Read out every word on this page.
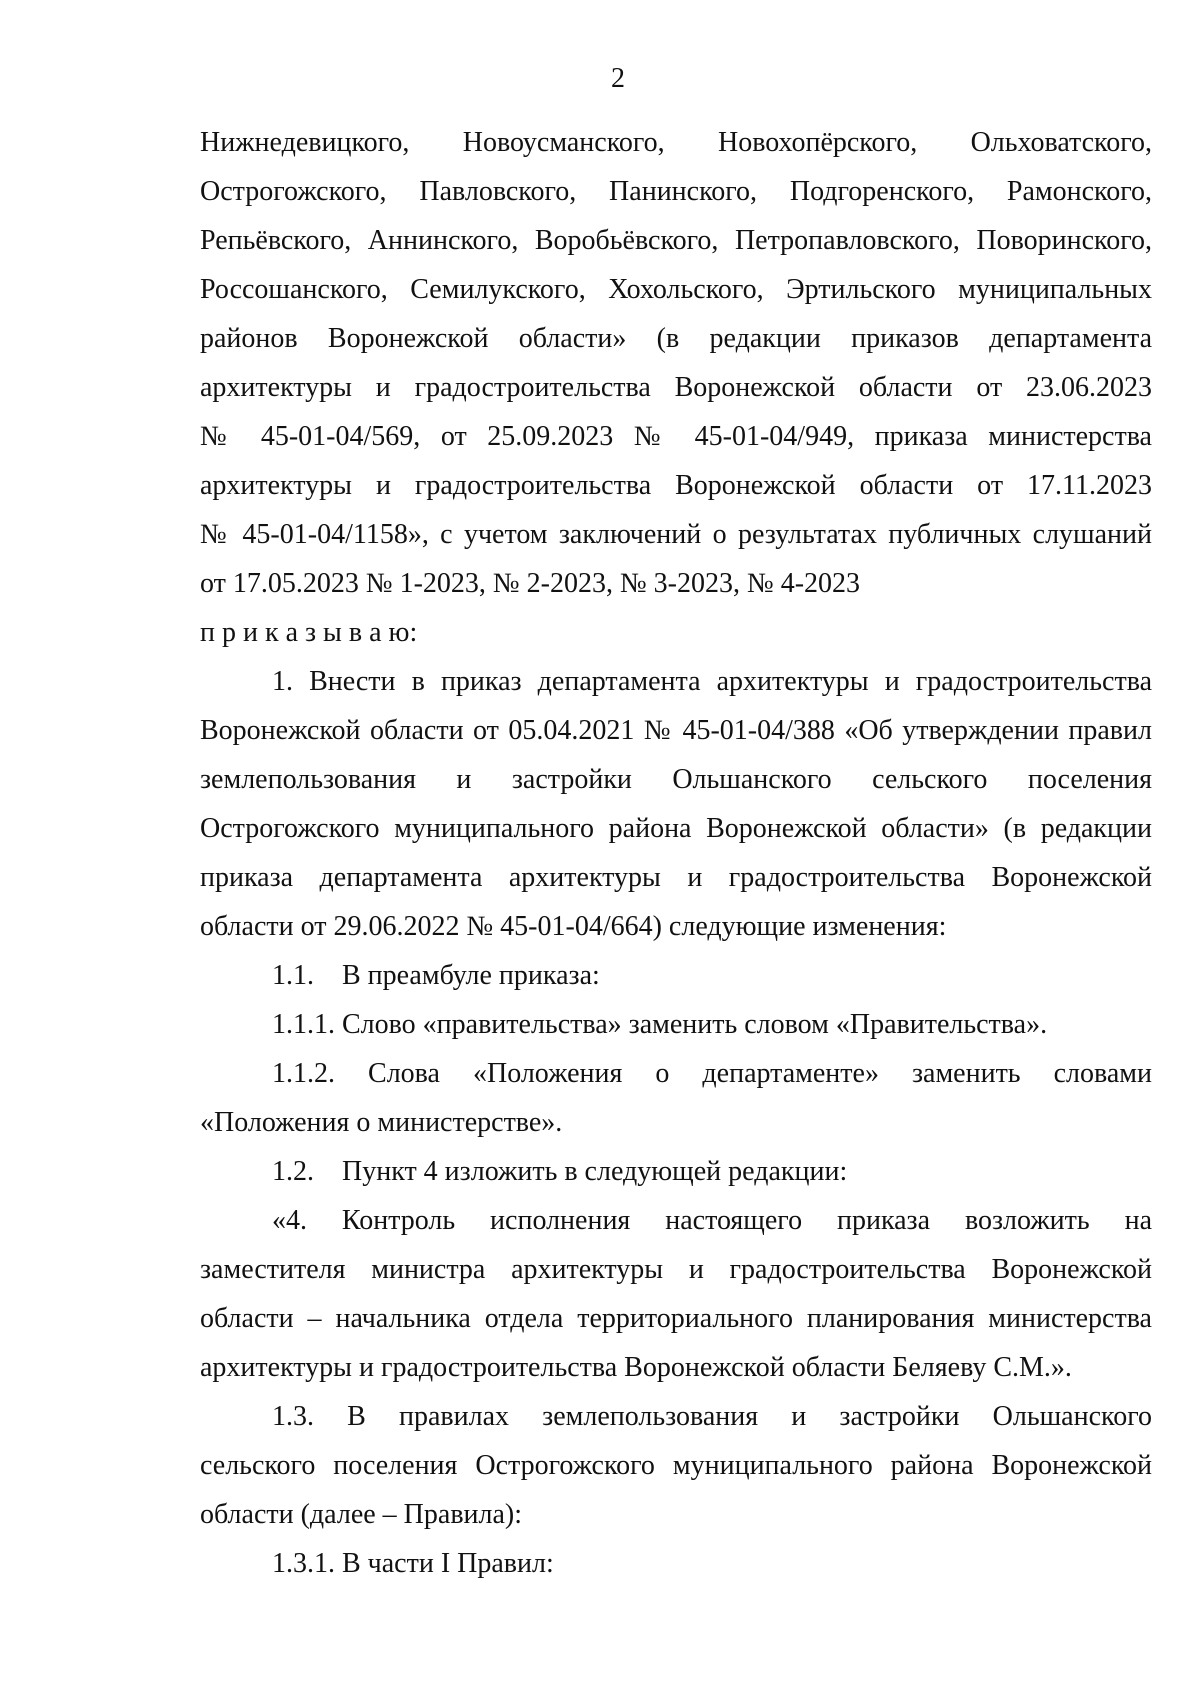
2
Нижнедевицкого, Новоусманского, Новохопёрского, Ольховатского,
Острогожского, Павловского, Панинского, Подгоренского, Рамонского,
Репьёвского, Аннинского, Воробьёвского, Петропавловского, Поворинского,
Россошанского, Семилукского, Хохольского, Эртильского муниципальных
районов Воронежской области» (в редакции приказов департамента
архитектуры и градостроительства Воронежской области от 23.06.2023
№ 45-01-04/569, от 25.09.2023 № 45-01-04/949, приказа министерства
архитектуры и градостроительства Воронежской области от 17.11.2023
№ 45-01-04/1158», с учетом заключений о результатах публичных слушаний
от 17.05.2023 № 1-2023, № 2-2023, № 3-2023, № 4-2023
п р и к а з ы в а ю:
1. Внести в приказ департамента архитектуры и градостроительства
Воронежской области от 05.04.2021 № 45-01-04/388 «Об утверждении правил
землепользования и застройки Ольшанского сельского поселения
Острогожского муниципального района Воронежской области» (в редакции
приказа департамента архитектуры и градостроительства Воронежской
области от 29.06.2022 № 45-01-04/664) следующие изменения:
1.1.    В преамбуле приказа:
1.1.1. Слово «правительства» заменить словом «Правительства».
1.1.2. Слова «Положения о департаменте» заменить словами
«Положения о министерстве».
1.2.    Пункт 4 изложить в следующей редакции:
«4. Контроль исполнения настоящего приказа возложить на
заместителя министра архитектуры и градостроительства Воронежской
области – начальника отдела территориального планирования министерства
архитектуры и градостроительства Воронежской области Беляеву С.М.».
1.3. В правилах землепользования и застройки Ольшанского
сельского поселения Острогожского муниципального района Воронежской
области (далее – Правила):
1.3.1. В части I Правил:
